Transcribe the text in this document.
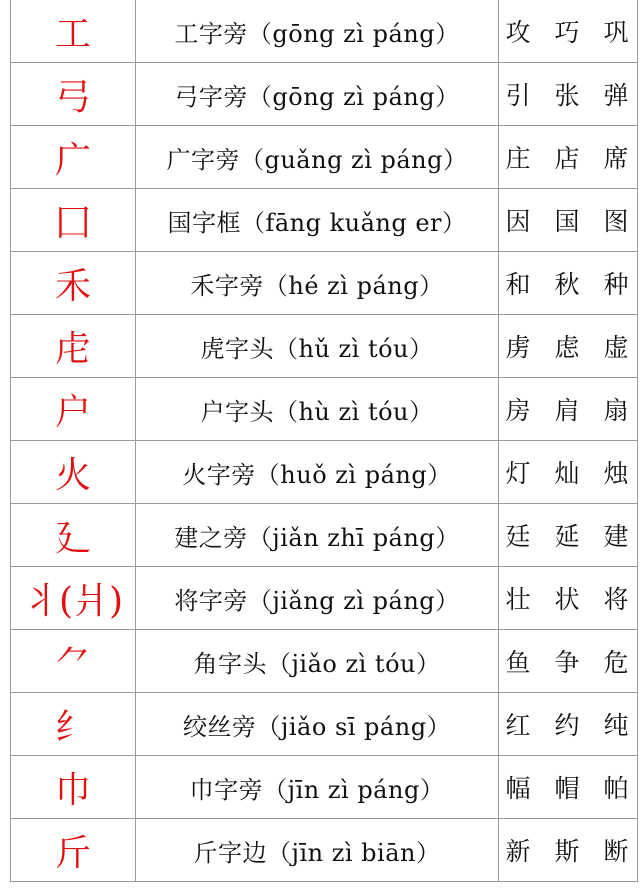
工	工字旁（gōng zì páng）	攻 巧 巩
弓	弓字旁（gōng zì páng）	引 张 弹
广	广字旁（guǎng zì páng）	庄 店 席
囗	国字框（fāng kuǎng er）	因 国 图
禾	禾字旁（hé zì páng）	和 秋 种
虍	虎字头（hǔ zì tóu）	虏 虑 虚
户	户字头（hù zì tóu）	房 肩 扇
火	火字旁（huǒ zì páng）	灯 灿 烛
廴	建之旁（jiǎn zhī páng）	廷 延 建
丬(爿)	将字旁（jiǎng zì páng）	壮 状 将
⺈	角字头（jiǎo zì tóu）	鱼 争 危
纟	绞丝旁（jiǎo sī páng）	红 约 纯
巾	巾字旁（jīn zì páng）	幅 帽 帕
斤	斤字边（jīn zì biān）	新 斯 断
